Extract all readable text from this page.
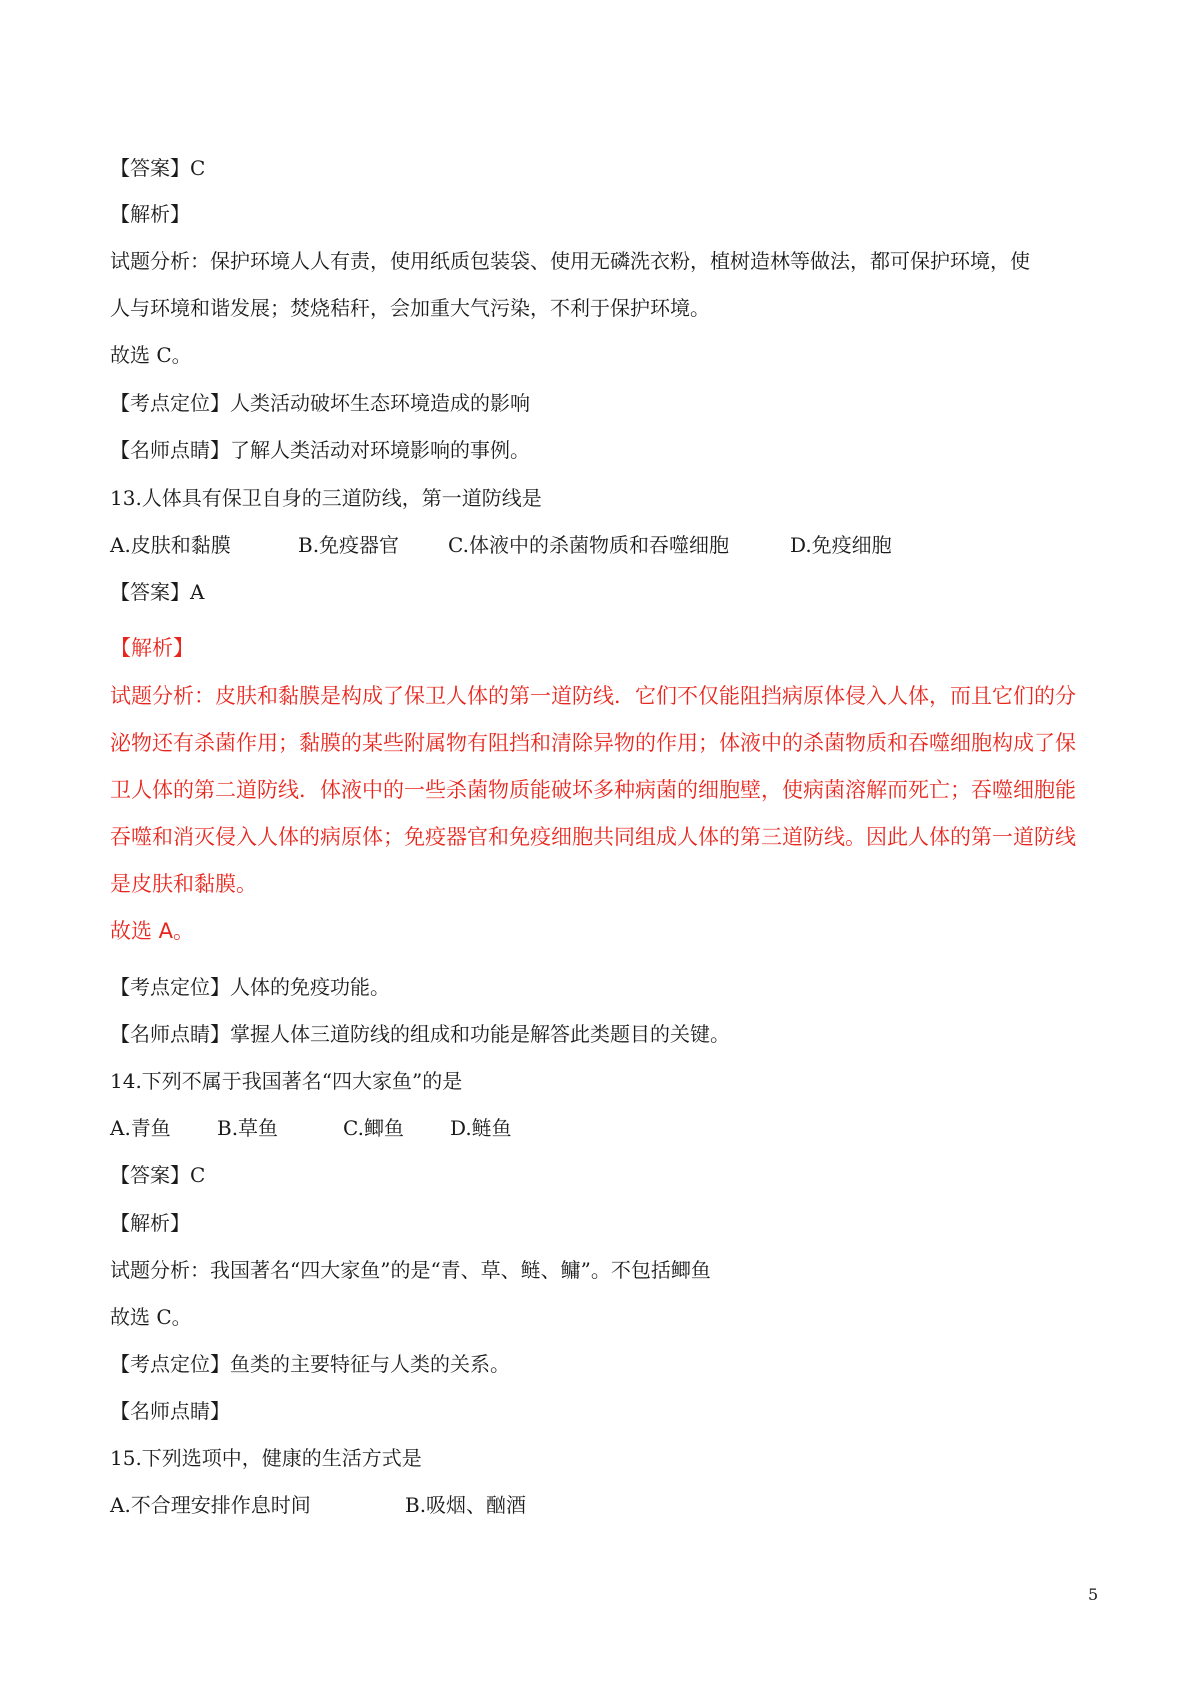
【答案】C

【解析】

试题分析：保护环境人人有责，使用纸质包装袋、使用无磷洗衣粉，植树造林等做法，都可保护环境，使

人与环境和谐发展；焚烧秸秆，会加重大气污染，不利于保护环境。

故选 C。

【考点定位】人类活动破坏生态环境造成的影响

【名师点睛】了解人类活动对环境影响的事例。

13.人体具有保卫自身的三道防线，第一道防线是

A.皮肤和黏膜	B.免疫器官 C.体液中的杀菌物质和吞噬细胞	D.免疫细胞

【答案】A

【解析】

试题分析：皮肤和黏膜是构成了保卫人体的第一道防线．它们不仅能阻挡病原体侵入人体，而且它们的分

泌物还有杀菌作用；黏膜的某些附属物有阻挡和清除异物的作用；体液中的杀菌物质和吞噬细胞构成了保

卫人体的第二道防线．体液中的一些杀菌物质能破坏多种病菌的细胞壁，使病菌溶解而死亡；吞噬细胞能

吞噬和消灭侵入人体的病原体；免疫器官和免疫细胞共同组成人体的第三道防线。因此人体的第一道防线

是皮肤和黏膜。

故选 A。

【考点定位】人体的免疫功能。

【名师点睛】掌握人体三道防线的组成和功能是解答此类题目的关键。

14.下列不属于我国著名“四大家鱼”的是

A.青鱼 B.草鱼	C.鲫鱼 D.鲢鱼

【答案】C

【解析】

试题分析：我国著名“四大家鱼”的是“青、草、鲢、鳙”。不包括鲫鱼

故选 C。

【考点定位】鱼类的主要特征与人类的关系。

【名师点睛】

15.下列选项中，健康的生活方式是

A.不合理安排作息时间	B.吸烟、酗酒
5
